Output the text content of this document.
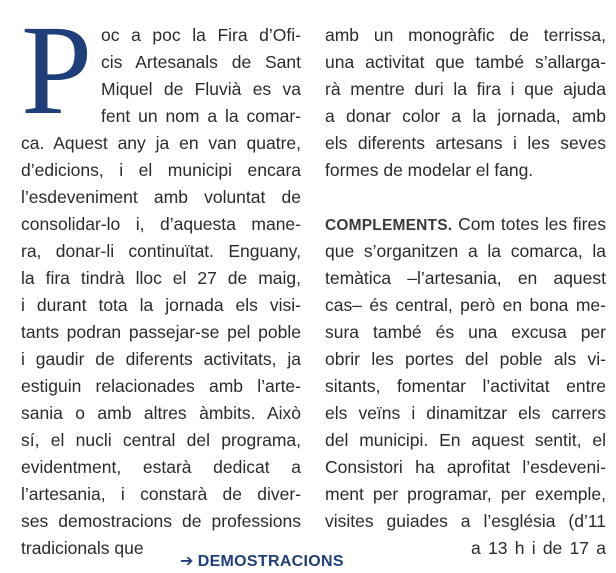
P oc a poc la Fira d’Ofi-
cis Artesanals de Sant
Miquel de Fluvià es va
fent un nom a la comar-
ca. Aquest any ja en van quatre,
d’edicions, i el municipi encara
l’esdeveniment amb voluntat de
consolidar-lo i, d’aquesta mane-
ra, donar-li continuïtat. Enguany,
la fira tindrà lloc el 27 de maig,
i durant tota la jornada els visi-
tants podran passejar-se pel poble
i gaudir de diferents activitats, ja
estiguin relacionades amb l’arte-
sania o amb altres àmbits. Això
sí, el nucli central del programa,
evidentment, estarà dedicat a
l’artesania, i constarà de diver-
ses demostracions de professions
tradicionals que
amb un monogràfic de terrissa,
una activitat que també s’allarga-
rà mentre duri la fira i que ajuda
a donar color a la jornada, amb
els diferents artesans i les seves
formes de modelar el fang.
COMPLEMENTS. Com totes les fires
que s’organitzen a la comarca, la
temàtica –l’artesania, en aquest
cas– és central, però en bona me-
sura també és una excusa per
obrir les portes del poble als vi-
sitants, fomentar l’activitat entre
els veïns i dinamitzar els carrers
del municipi. En aquest sentit, el
Consistori ha aprofitat l’esdeveni-
ment per programar, per exemple,
visites guiades a l’església (d’11
a 13 h i de 17 a
➔ DEMOSTRACIONS
